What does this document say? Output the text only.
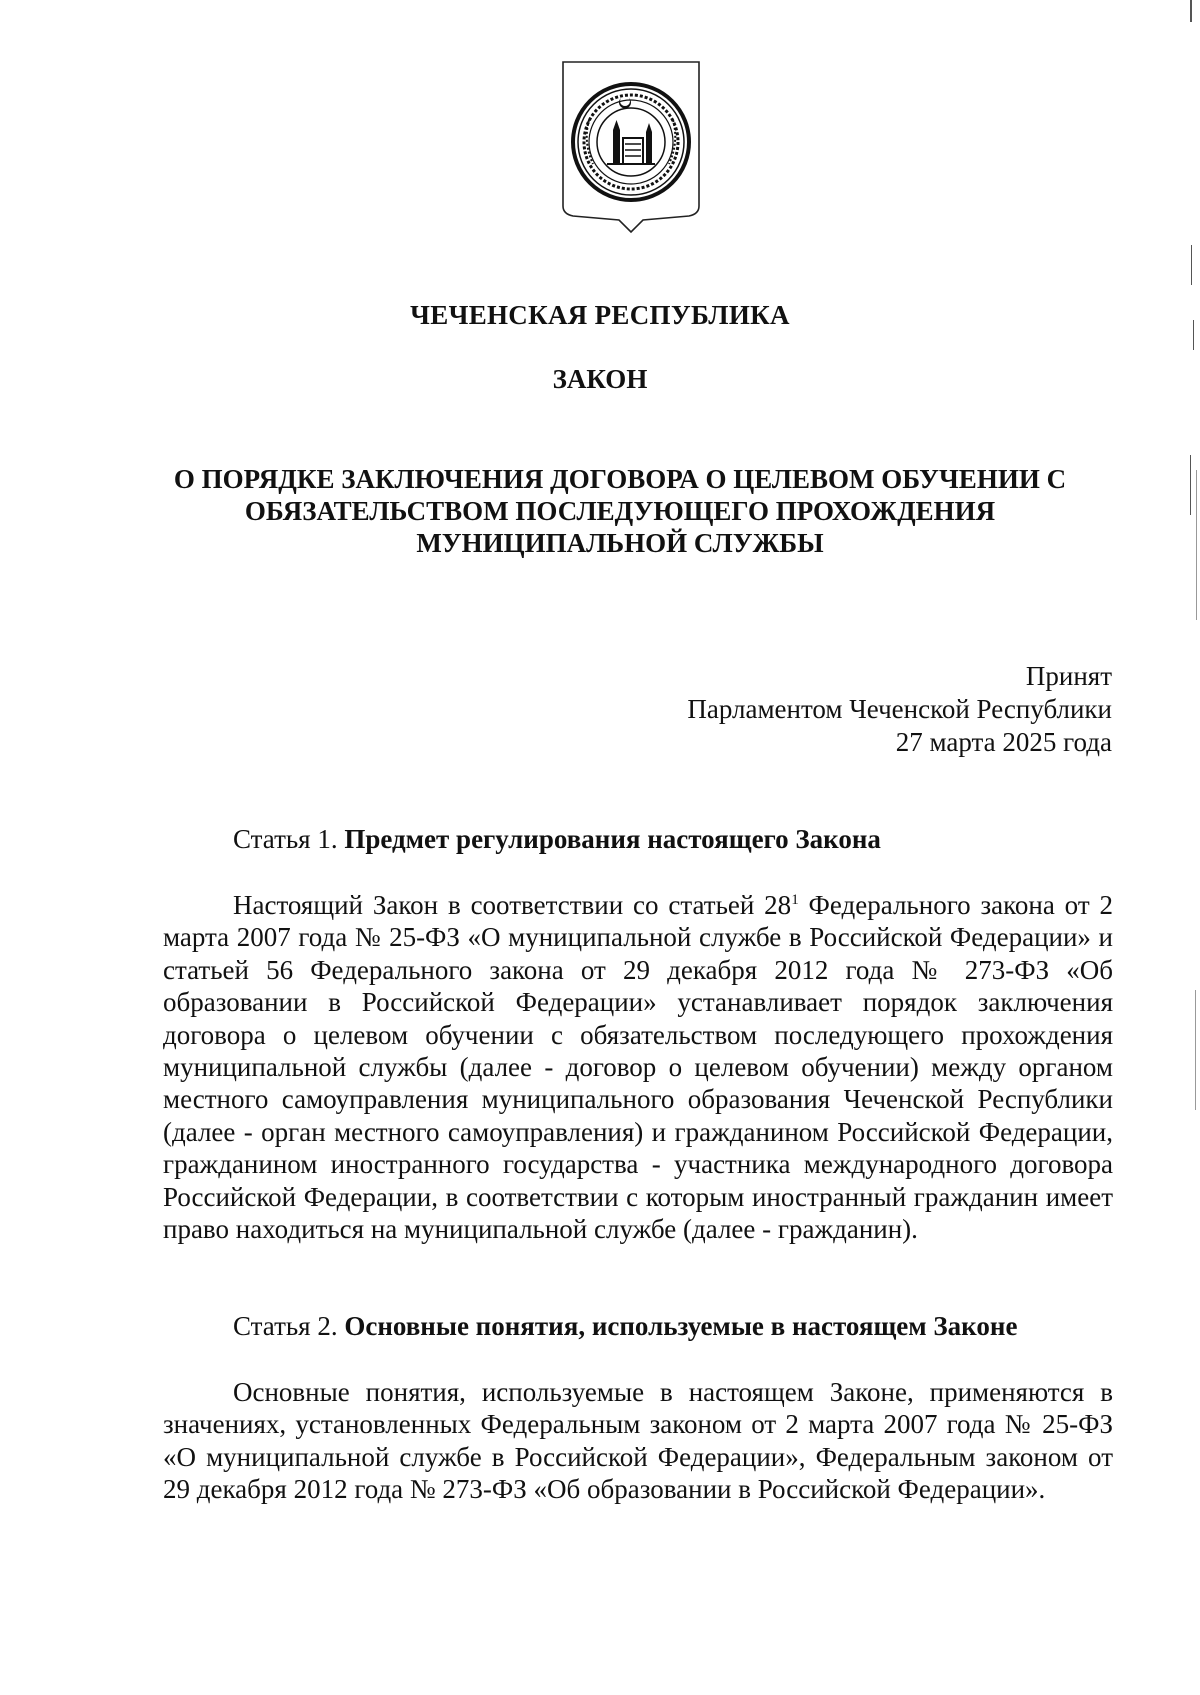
ЧЕЧЕНСКАЯ РЕСПУБЛИКА
ЗАКОН
О ПОРЯДКЕ ЗАКЛЮЧЕНИЯ ДОГОВОРА О ЦЕЛЕВОМ ОБУЧЕНИИ С
ОБЯЗАТЕЛЬСТВОМ ПОСЛЕДУЮЩЕГО ПРОХОЖДЕНИЯ
МУНИЦИПАЛЬНОЙ СЛУЖБЫ
Принят
Парламентом Чеченской Республики
27 марта 2025 года
Статья 1. Предмет регулирования настоящего Закона

Настоящий Закон в соответствии со статьей $28^1$ Федерального закона от 2 марта 2007 года № 25-ФЗ «О муниципальной службе в Российской Федерации» и статьей 56 Федерального закона от 29 декабря 2012 года № 273-ФЗ «Об образовании в Российской Федерации» устанавливает порядок заключения договора о целевом обучении с обязательством последующего прохождения муниципальной службы (далее - договор о целевом обучении) между органом местного самоуправления муниципального образования Чеченской Республики (далее - орган местного самоуправления) и гражданином Российской Федерации, гражданином иностранного государства - участника международного договора Российской Федерации, в соответствии с которым иностранный гражданин имеет право находиться на муниципальной службе (далее - гражданин).

Статья 2. Основные понятия, используемые в настоящем Законе

Основные понятия, используемые в настоящем Законе, применяются в значениях, установленных Федеральным законом от 2 марта 2007 года № 25-ФЗ «О муниципальной службе в Российской Федерации», Федеральным законом от 29 декабря 2012 года № 273-ФЗ «Об образовании в Российской Федерации».
